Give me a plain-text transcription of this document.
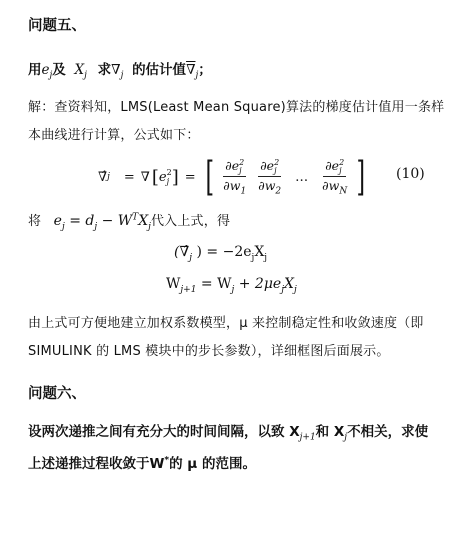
问题五、
用$e_j$及 $X_j$ 求$\nabla_j$ 的估计值$\nabla_j$；
解：查资料知，LMS(Least Mean Square)算法的梯度估计值用一条样
本曲线进行计算，公式如下：
∇̂ j = ∇ [ e 2
j ] = [ ∂e 2
j
$\partial w_1$ ∂e 2
j
$\partial w_2$ … ∂e 2
j
$\partial w_N$ ] (10)
将 $e_j = d_j - W^TX_j$代入上式，得
($\nablâ_j$ ) = $-2e_jX_j$
$W_{j+1} = W_j + 2\mu e_jX_j$
由上式可方便地建立加权系数模型，μ 来控制稳定性和收敛速度（即
SIMULINK 的 LMS 模块中的步长参数），详细框图后面展示。
问题六、
设两次递推之间有充分大的时间间隔，以致 $X_{j+1}$和 $X_j$不相关，求使
上述递推过程收敛于W*的 μ 的范围。
